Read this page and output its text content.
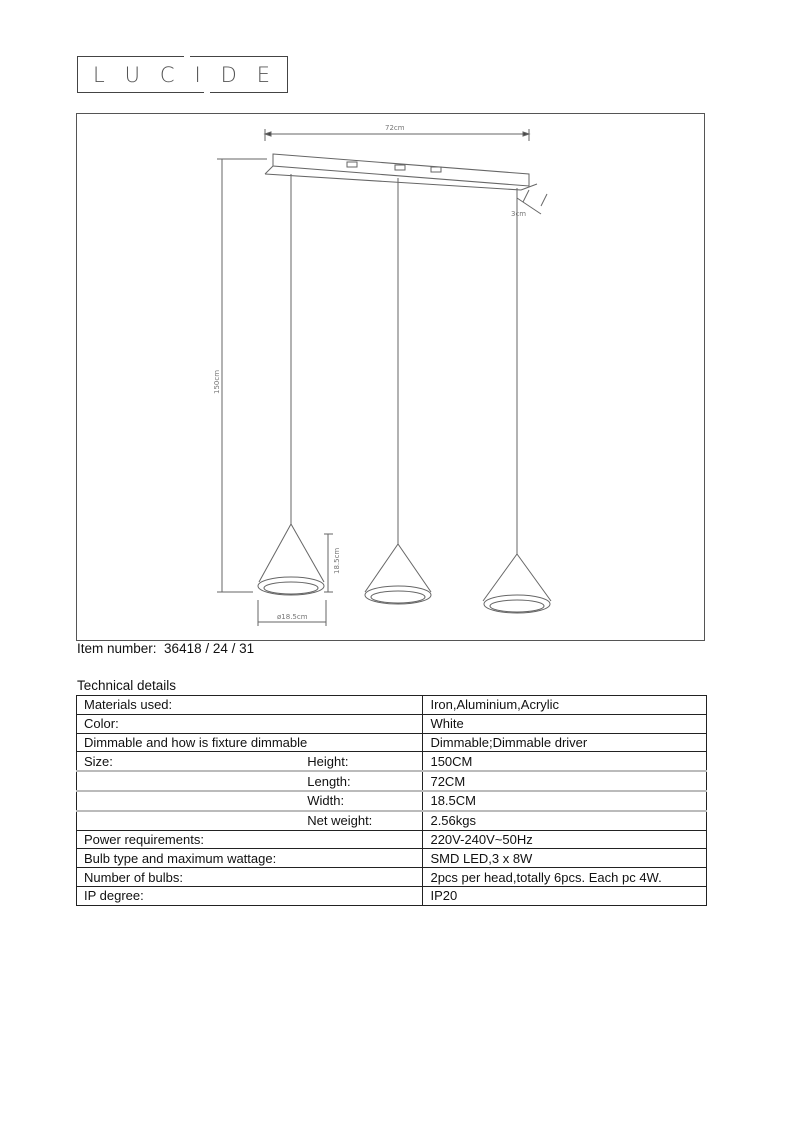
L U C I D E
72cm
3cm
150cm
18.5cm
ø18.5cm
Item number: 36418 / 24 / 31
Technical details
Materials used:		Iron,Aluminium,Acrylic
Color:		White
Dimmable and how is fixture dimmable		Dimmable;Dimmable driver
Size:	Height:	150CM
	Length:	72CM
	Width:	18.5CM
	Net weight:	2.56kgs
Power requirements:		220V-240V~50Hz
Bulb type and maximum wattage:		SMD LED,3 x 8W
Number of bulbs:		2pcs per head,totally 6pcs. Each pc 4W.
IP degree:		IP20
